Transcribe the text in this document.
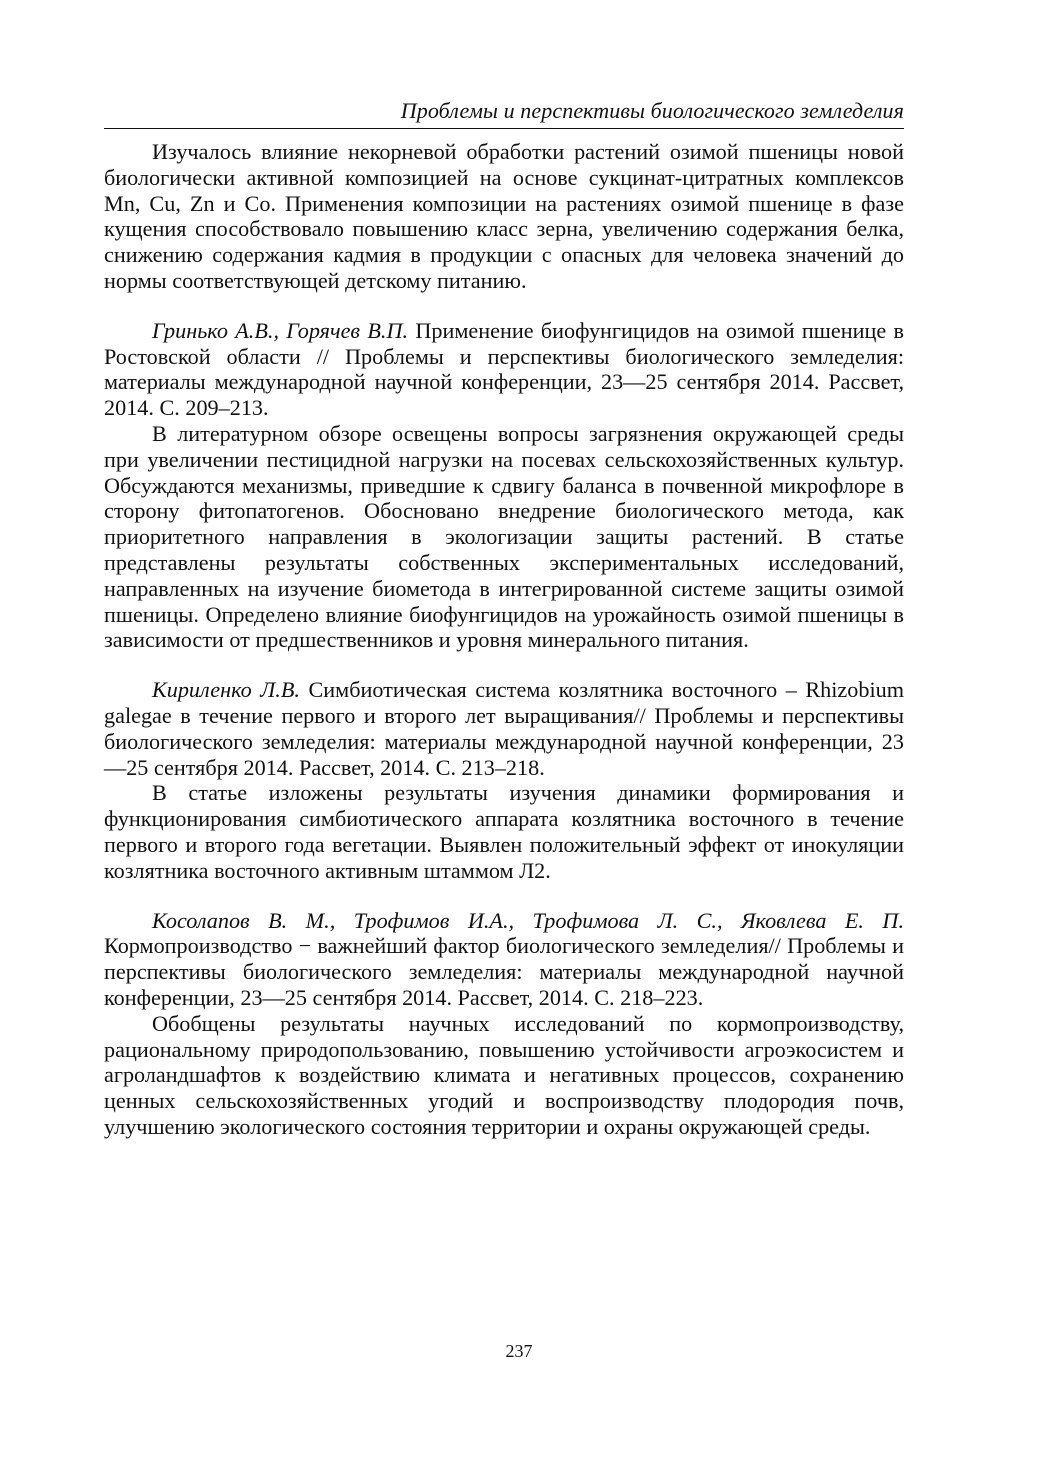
Проблемы и перспективы биологического земледелия

Изучалось влияние некорневой обработки растений озимой пшеницы новой биологически активной композицией на основе сукцинат-цитратных комплексов Mn, Cu, Zn и Co. Применения композиции на растениях озимой пшенице в фазе кущения способствовало повышению класс зерна, увеличению содержания белка, снижению содержания кадмия в продукции с опасных для человека значений до нормы соответствующей детскому питанию.

Гринько А.В., Горячев В.П. Применение биофунгицидов на озимой пшенице в Ростовской области // Проблемы и перспективы биологического земледелия: материалы международной научной конференции, 23—25 сентября 2014. Рассвет, 2014. С. 209–213.

В литературном обзоре освещены вопросы загрязнения окружающей среды при увеличении пестицидной нагрузки на посевах сельскохозяйственных культур. Обсуждаются механизмы, приведшие к сдвигу баланса в почвенной микрофлоре в сторону фитопатогенов. Обосновано внедрение биологического метода, как приоритетного направления в экологизации защиты растений. В статье представлены результаты собственных экспериментальных исследований, направленных на изучение биометода в интегрированной системе защиты озимой пшеницы. Определено влияние биофунгицидов на урожайность озимой пшеницы в зависимости от предшественников и уровня минерального питания.

Кириленко Л.В. Симбиотическая система козлятника восточного – Rhizobium galegae в течение первого и второго лет выращивания// Проблемы и перспективы биологического земледелия: материалы международной научной конференции, 23—25 сентября 2014. Рассвет, 2014. С. 213–218.

В статье изложены результаты изучения динамики формирования и функционирования симбиотического аппарата козлятника восточного в течение первого и второго года вегетации. Выявлен положительный эффект от инокуляции козлятника восточного активным штаммом Л2.

Косолапов В. М., Трофимов И.А., Трофимова Л. С., Яковлева Е. П. Кормопроизводство − важнейший фактор биологического земледелия// Проблемы и перспективы биологического земледелия: материалы международной научной конференции, 23—25 сентября 2014. Рассвет, 2014. С. 218–223.

Обобщены результаты научных исследований по кормопроизводству, рациональному природопользованию, повышению устойчивости агроэкосистем и агроландшафтов к воздействию климата и негативных процессов, сохранению ценных сельскохозяйственных угодий и воспроизводству плодородия почв, улучшению экологического состояния территории и охраны окружающей среды.

237
